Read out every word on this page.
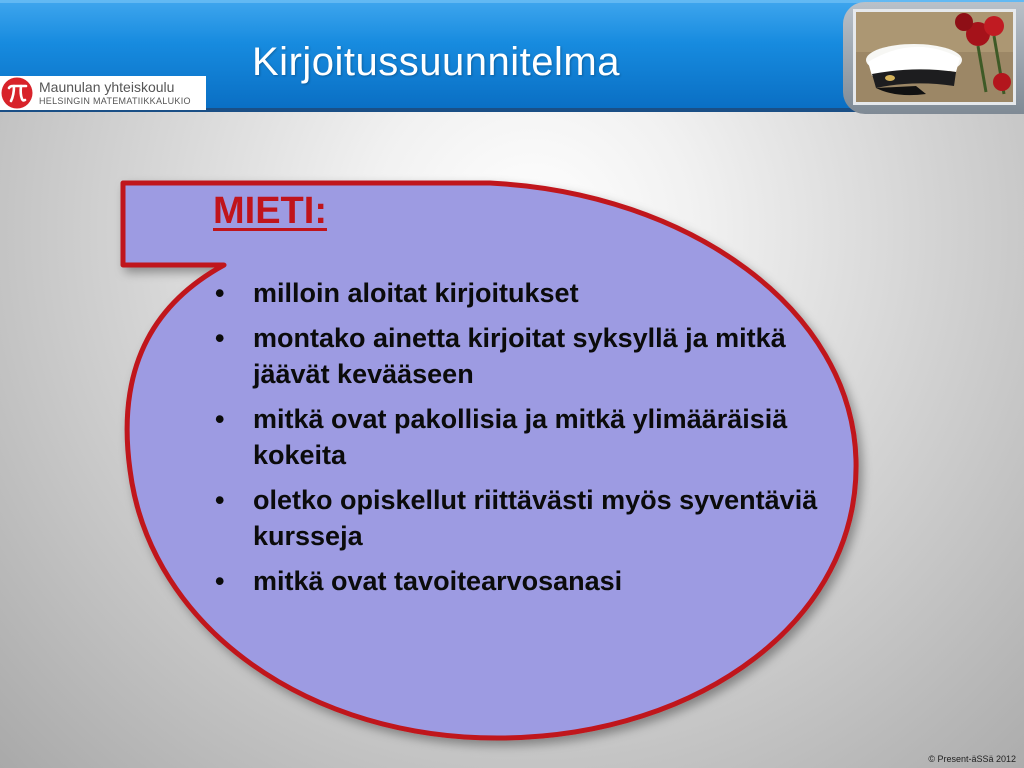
Kirjoitussuunnitelma
Maunulan yhteiskoulu
HELSINGIN MATEMATIIKKALUKIO
MIETI:
• milloin aloitat kirjoitukset
• montako ainetta kirjoitat syksyllä ja mitkä jäävät kevääseen
• mitkä ovat pakollisia ja mitkä ylimääräisiä kokeita
• oletko opiskellut riittävästi myös syventäviä kursseja
• mitkä ovat tavoitearvosanasi
© Present-äSSä 2012
